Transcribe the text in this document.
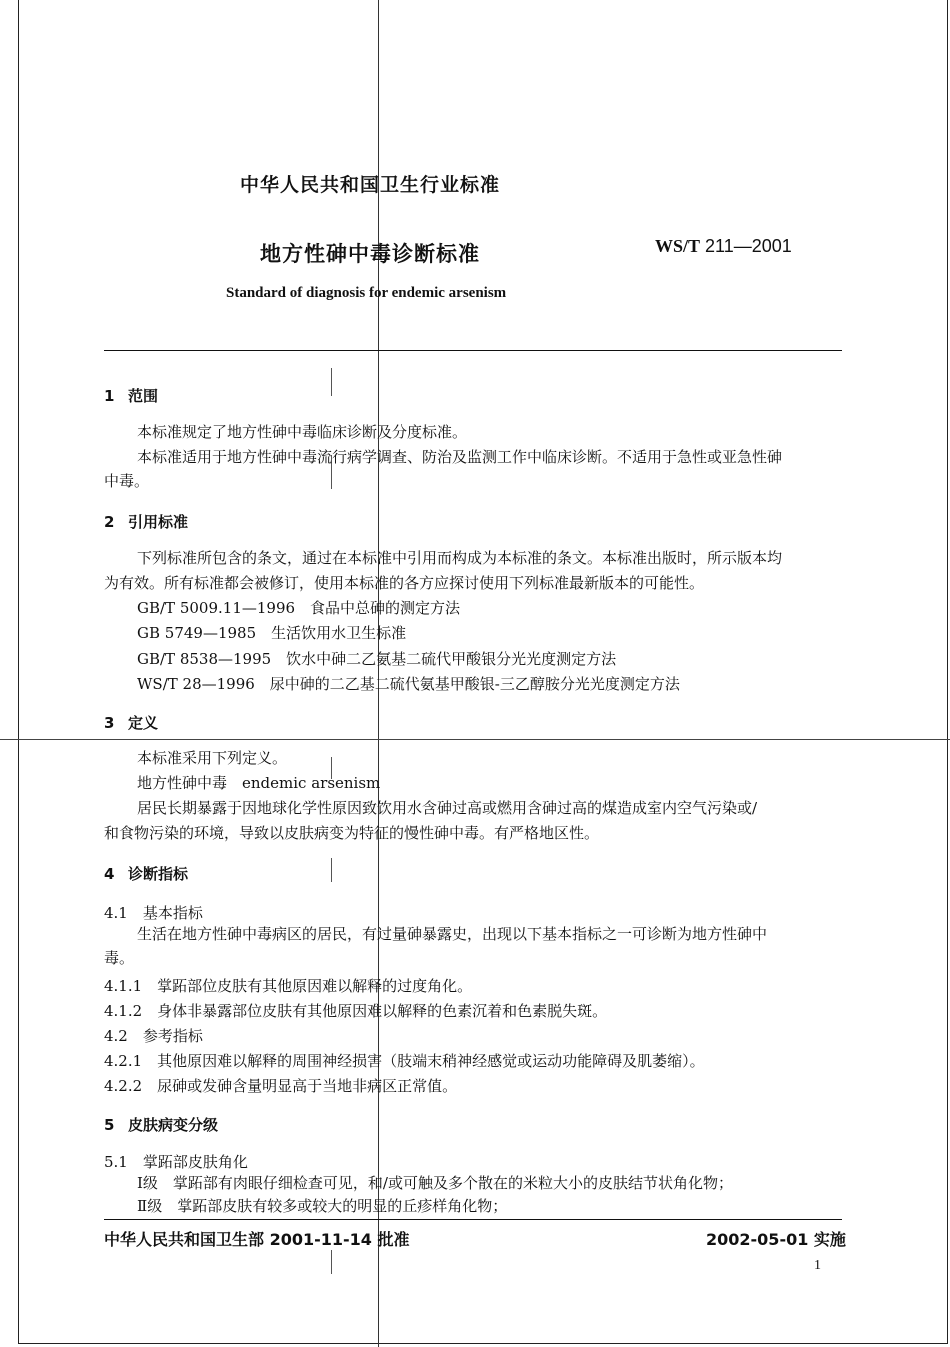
中华人民共和国卫生行业标准
地方性砷中毒诊断标准	WS/T 211—2001
Standard of diagnosis for endemic arsenism
1 范围
本标准规定了地方性砷中毒临床诊断及分度标准。
本标准适用于地方性砷中毒流行病学调查、防治及监测工作中临床诊断。不适用于急性或亚急性砷
中毒。
2 引用标准
下列标准所包含的条文，通过在本标准中引用而构成为本标准的条文。本标准出版时，所示版本均
为有效。所有标准都会被修订，使用本标准的各方应探讨使用下列标准最新版本的可能性。
GB/T 5009.11—1996　食品中总砷的测定方法
GB 5749—1985　生活饮用水卫生标准
GB/T 8538—1995　饮水中砷二乙氨基二硫代甲酸银分光光度测定方法
WS/T 28—1996　尿中砷的二乙基二硫代氨基甲酸银-三乙醇胺分光光度测定方法
3 定义
本标准采用下列定义。
地方性砷中毒　endemic arsenism
居民长期暴露于因地球化学性原因致饮用水含砷过高或燃用含砷过高的煤造成室内空气污染或/
和食物污染的环境，导致以皮肤病变为特征的慢性砷中毒。有严格地区性。
4 诊断指标
4.1　基本指标
生活在地方性砷中毒病区的居民，有过量砷暴露史，出现以下基本指标之一可诊断为地方性砷中
毒。
4.1.1　掌跖部位皮肤有其他原因难以解释的过度角化。
4.1.2　身体非暴露部位皮肤有其他原因难以解释的色素沉着和色素脱失斑。
4.2　参考指标
4.2.1　其他原因难以解释的周围神经损害（肢端末稍神经感觉或运动功能障碍及肌萎缩）。
4.2.2　尿砷或发砷含量明显高于当地非病区正常值。
5 皮肤病变分级
5.1　掌跖部皮肤角化
Ⅰ级　掌跖部有肉眼仔细检查可见，和/或可触及多个散在的米粒大小的皮肤结节状角化物；
Ⅱ级　掌跖部皮肤有较多或较大的明显的丘疹样角化物；
中华人民共和国卫生部 2001-11-14 批准	2002-05-01 实施
1
